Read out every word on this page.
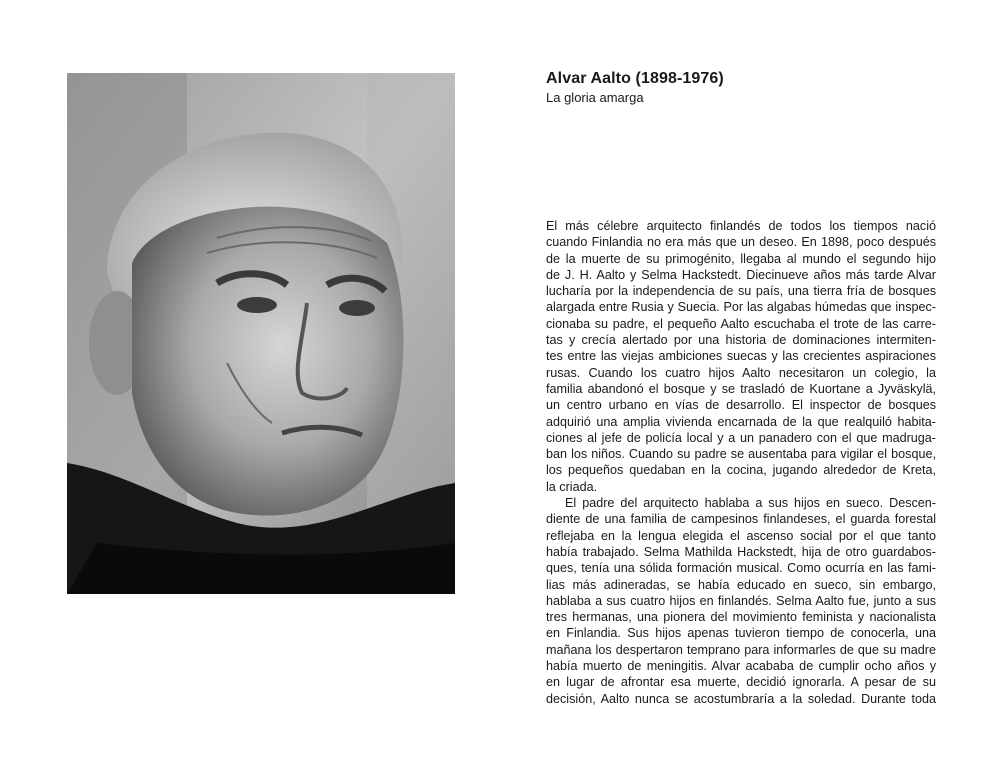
Alvar Aalto (1898-1976)
La gloria amarga
El más célebre arquitecto finlandés de todos los tiempos nació
cuando Finlandia no era más que un deseo. En 1898, poco después
de la muerte de su primogénito, llegaba al mundo el segundo hijo
de J. H. Aalto y Selma Hackstedt. Diecinueve años más tarde Alvar
lucharía por la independencia de su país, una tierra fría de bosques
alargada entre Rusia y Suecia. Por las algabas húmedas que inspec-
cionaba su padre, el pequeño Aalto escuchaba el trote de las carre-
tas y crecía alertado por una historia de dominaciones intermiten-
tes entre las viejas ambiciones suecas y las crecientes aspiraciones
rusas. Cuando los cuatro hijos Aalto necesitaron un colegio, la
familia abandonó el bosque y se trasladó de Kuortane a Jyväskylä,
un centro urbano en vías de desarrollo. El inspector de bosques
adquirió una amplia vivienda encarnada de la que realquiló habita-
ciones al jefe de policía local y a un panadero con el que madruga-
ban los niños. Cuando su padre se ausentaba para vigilar el bosque,
los pequeños quedaban en la cocina, jugando alrededor de Kreta,
la criada.
El padre del arquitecto hablaba a sus hijos en sueco. Descen-
diente de una familia de campesinos finlandeses, el guarda forestal
reflejaba en la lengua elegida el ascenso social por el que tanto
había trabajado. Selma Mathilda Hackstedt, hija de otro guardabos-
ques, tenía una sólida formación musical. Como ocurría en las fami-
lias más adineradas, se había educado en sueco, sin embargo,
hablaba a sus cuatro hijos en finlandés. Selma Aalto fue, junto a sus
tres hermanas, una pionera del movimiento feminista y nacionalista
en Finlandia. Sus hijos apenas tuvieron tiempo de conocerla, una
mañana los despertaron temprano para informarles de que su madre
había muerto de meningitis. Alvar acababa de cumplir ocho años y
en lugar de afrontar esa muerte, decidió ignorarla. A pesar de su
decisión, Aalto nunca se acostumbraría a la soledad. Durante toda
